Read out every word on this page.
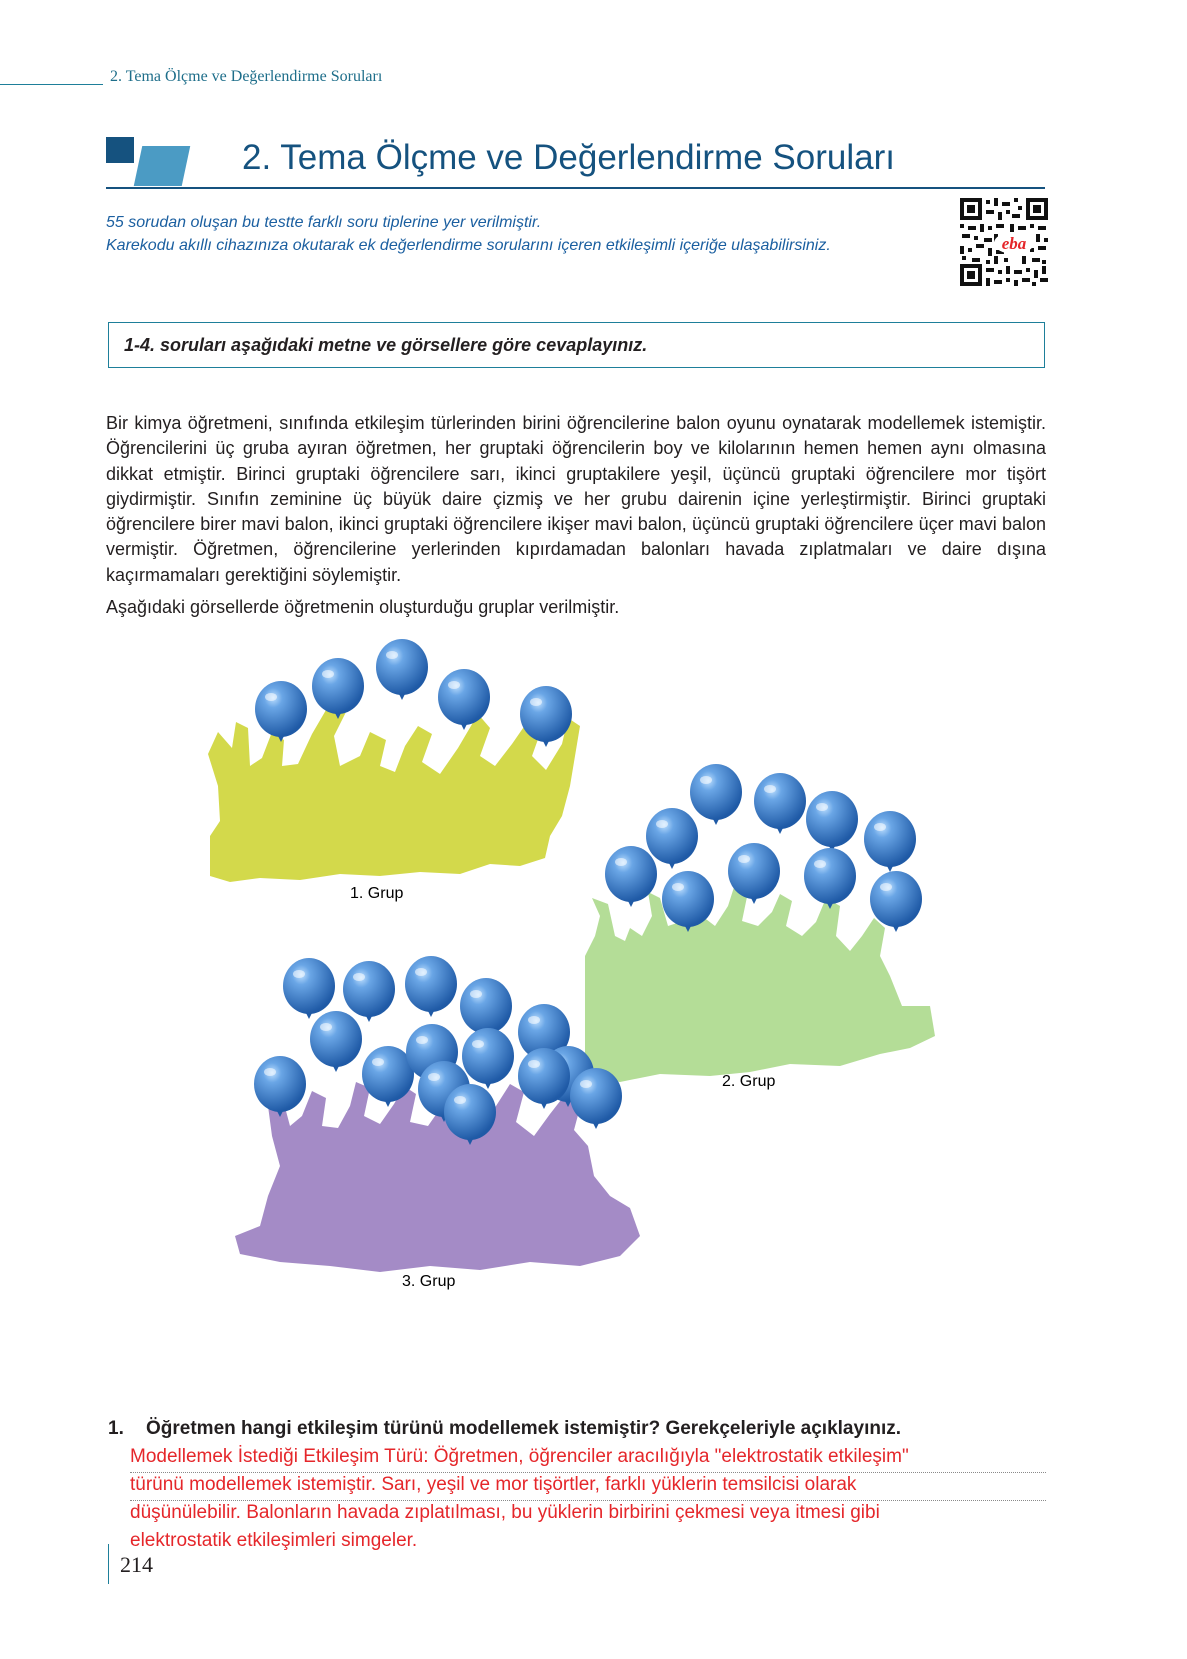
2. Tema Ölçme ve Değerlendirme Soruları
2. Tema Ölçme ve Değerlendirme Soruları
55 sorudan oluşan bu testte farklı soru tiplerine yer verilmiştir.
Karekodu akıllı cihazınıza okutarak ek değerlendirme sorularını içeren etkileşimli içeriğe ulaşabilirsiniz.	eba
1-4. soruları aşağıdaki metne ve görsellere göre cevaplayınız.
Bir kimya öğretmeni, sınıfında etkileşim türlerinden birini öğrencilerine balon oyunu oynatarak modellemek istemiştir. Öğrencilerini üç gruba ayıran öğretmen, her gruptaki öğrencilerin boy ve kilolarının hemen hemen aynı olmasına dikkat etmiştir. Birinci gruptaki öğrencilere sarı, ikinci gruptakilere yeşil, üçüncü gruptaki öğrencilere mor tişört giydirmiştir. Sınıfın zeminine üç büyük daire çizmiş ve her grubu dairenin içine yerleştirmiştir. Birinci gruptaki öğrencilere birer mavi balon, ikinci gruptaki öğrencilere ikişer mavi balon, üçüncü gruptaki öğrencilere üçer mavi balon vermiştir. Öğretmen, öğrencilerine yerlerinden kıpırdamadan balonları havada zıplatmaları ve daire dışına kaçırmamaları gerektiğini söylemiştir.
Aşağıdaki görsellerde öğretmenin oluşturduğu gruplar verilmiştir.
1. Grup
2. Grup
3. Grup
1. Öğretmen hangi etkileşim türünü modellemek istemiştir? Gerekçeleriyle açıklayınız.
Modellemek İstediği Etkileşim Türü: Öğretmen, öğrenciler aracılığıyla "elektrostatik etkileşim"
türünü modellemek istemiştir. Sarı, yeşil ve mor tişörtler, farklı yüklerin temsilcisi olarak
düşünülebilir. Balonların havada zıplatılması, bu yüklerin birbirini çekmesi veya itmesi gibi
elektrostatik etkileşimleri simgeler.
214
